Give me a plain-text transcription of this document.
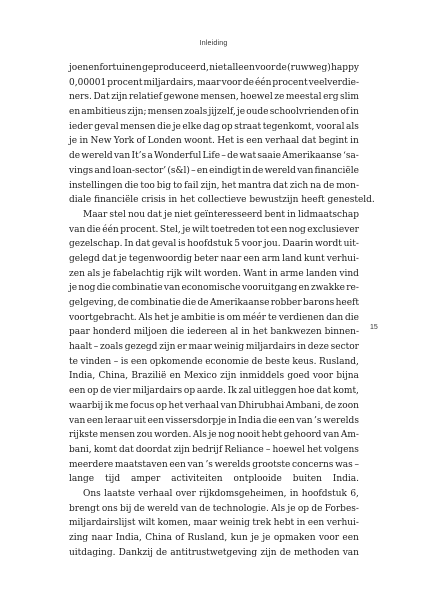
Inleiding
joenenfortuinen geproduceerd, niet alleen voor de (ruwweg) happy
0,00001 procent miljardairs, maar voor de één procent veelverdie-
ners. Dat zijn relatief gewone mensen, hoewel ze meestal erg slim
en ambitieus zijn; mensen zoals jijzelf, je oude schoolvrienden of in
ieder geval mensen die je elke dag op straat tegenkomt, vooral als
je in New York of Londen woont. Het is een verhaal dat begint in
de wereld van It’s a Wonderful Life – de wat saaie Amerikaanse ‘sa-
vings and loan-sector’ (s&l) – en eindigt in de wereld van financiële
instellingen die too big to fail zijn, het mantra dat zich na de mon-
diale financiële crisis in het collectieve bewustzijn heeft genesteld.
Maar stel nou dat je niet geïnteresseerd bent in lidmaatschap
van die één procent. Stel, je wilt toetreden tot een nog exclusiever
gezelschap. In dat geval is hoofdstuk 5 voor jou. Daarin wordt uit-
gelegd dat je tegenwoordig beter naar een arm land kunt verhui-
zen als je fabelachtig rijk wilt worden. Want in arme landen vind
je nog die combinatie van economische vooruitgang en zwakke re-
gelgeving, de combinatie die de Amerikaanse robber barons heeft
voortgebracht. Als het je ambitie is om méér te verdienen dan die
paar honderd miljoen die iedereen al in het bankwezen binnen-
haalt – zoals gezegd zijn er maar weinig miljardairs in deze sector
te vinden – is een opkomende economie de beste keus. Rusland,
India, China, Brazilië en Mexico zijn inmiddels goed voor bijna
een op de vier miljardairs op aarde. Ik zal uitleggen hoe dat komt,
waarbij ik me focus op het verhaal van Dhirubhai Ambani, de zoon
van een leraar uit een vissersdorpje in India die een van ’s werelds
rijkste mensen zou worden. Als je nog nooit hebt gehoord van Am-
bani, komt dat doordat zijn bedrijf Reliance – hoewel het volgens
meerdere maatstaven een van ’s werelds grootste concerns was –
lange tijd amper activiteiten ontplooide buiten India.
Ons laatste verhaal over rijkdomsgeheimen, in hoofdstuk 6,
brengt ons bij de wereld van de technologie. Als je op de Forbes-
miljardairslijst wilt komen, maar weinig trek hebt in een verhui-
zing naar India, China of Rusland, kun je je opmaken voor een
uitdaging. Dankzij de antitrustwetgeving zijn de methoden van
15
